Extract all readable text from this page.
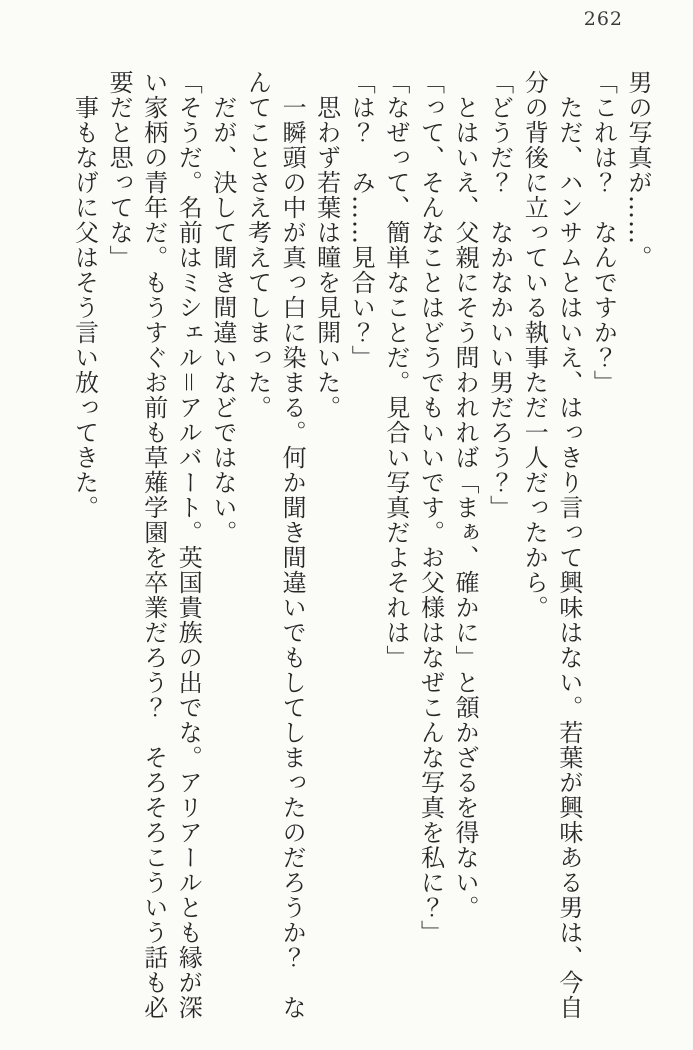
262
男の写真が……。
「これは？　なんですか？」
ただ、ハンサムとはいえ、はっきり言って興味はない。若葉が興味ある男は、今自
分の背後に立っている執事ただ一人だったから。
「どうだ？　なかなかいい男だろう？」
とはいえ、父親にそう問われれば「まぁ、確かに」と頷かざるを得ない。
「って、そんなことはどうでもいいです。お父様はなぜこんな写真を私に？」
「なぜって、簡単なことだ。見合い写真だよそれは」
「は？　み……見合い？」
思わず若葉は瞳を見開いた。
一瞬頭の中が真っ白に染まる。何か聞き間違いでもしてしまったのだろうか？　な
んてことさえ考えてしまった。
だが、決して聞き間違いなどではない。
「そうだ。名前はミシェル＝アルバート。英国貴族の出でな。アリアールとも縁が深
い家柄の青年だ。もうすぐお前も草薙学園を卒業だろう？　そろそろこういう話も必
要だと思ってな」
事もなげに父はそう言い放ってきた。
